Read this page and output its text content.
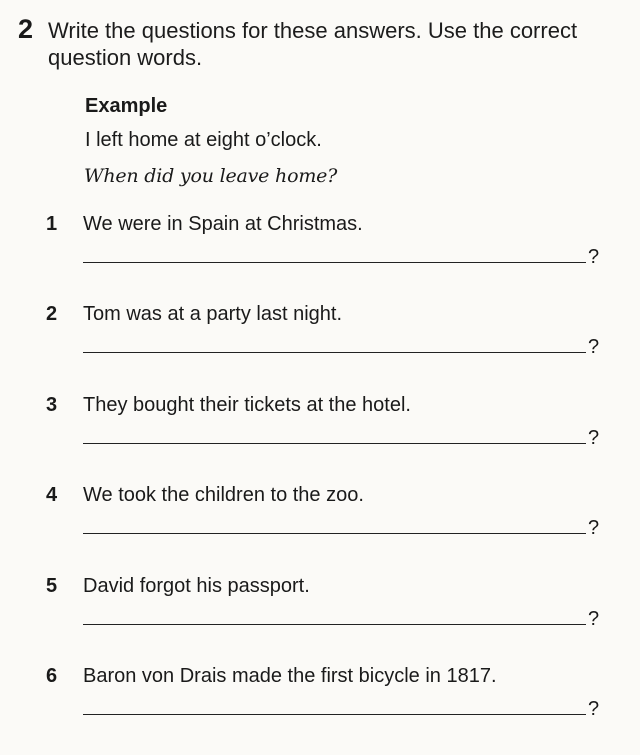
2 Write the questions for these answers. Use the correct question words.
Example
I left home at eight o’clock.
When did you leave home?
1 We were in Spain at Christmas.
?
2 Tom was at a party last night.
?
3 They bought their tickets at the hotel.
?
4 We took the children to the zoo.
?
5 David forgot his passport.
?
6 Baron von Drais made the first bicycle in 1817.
?
